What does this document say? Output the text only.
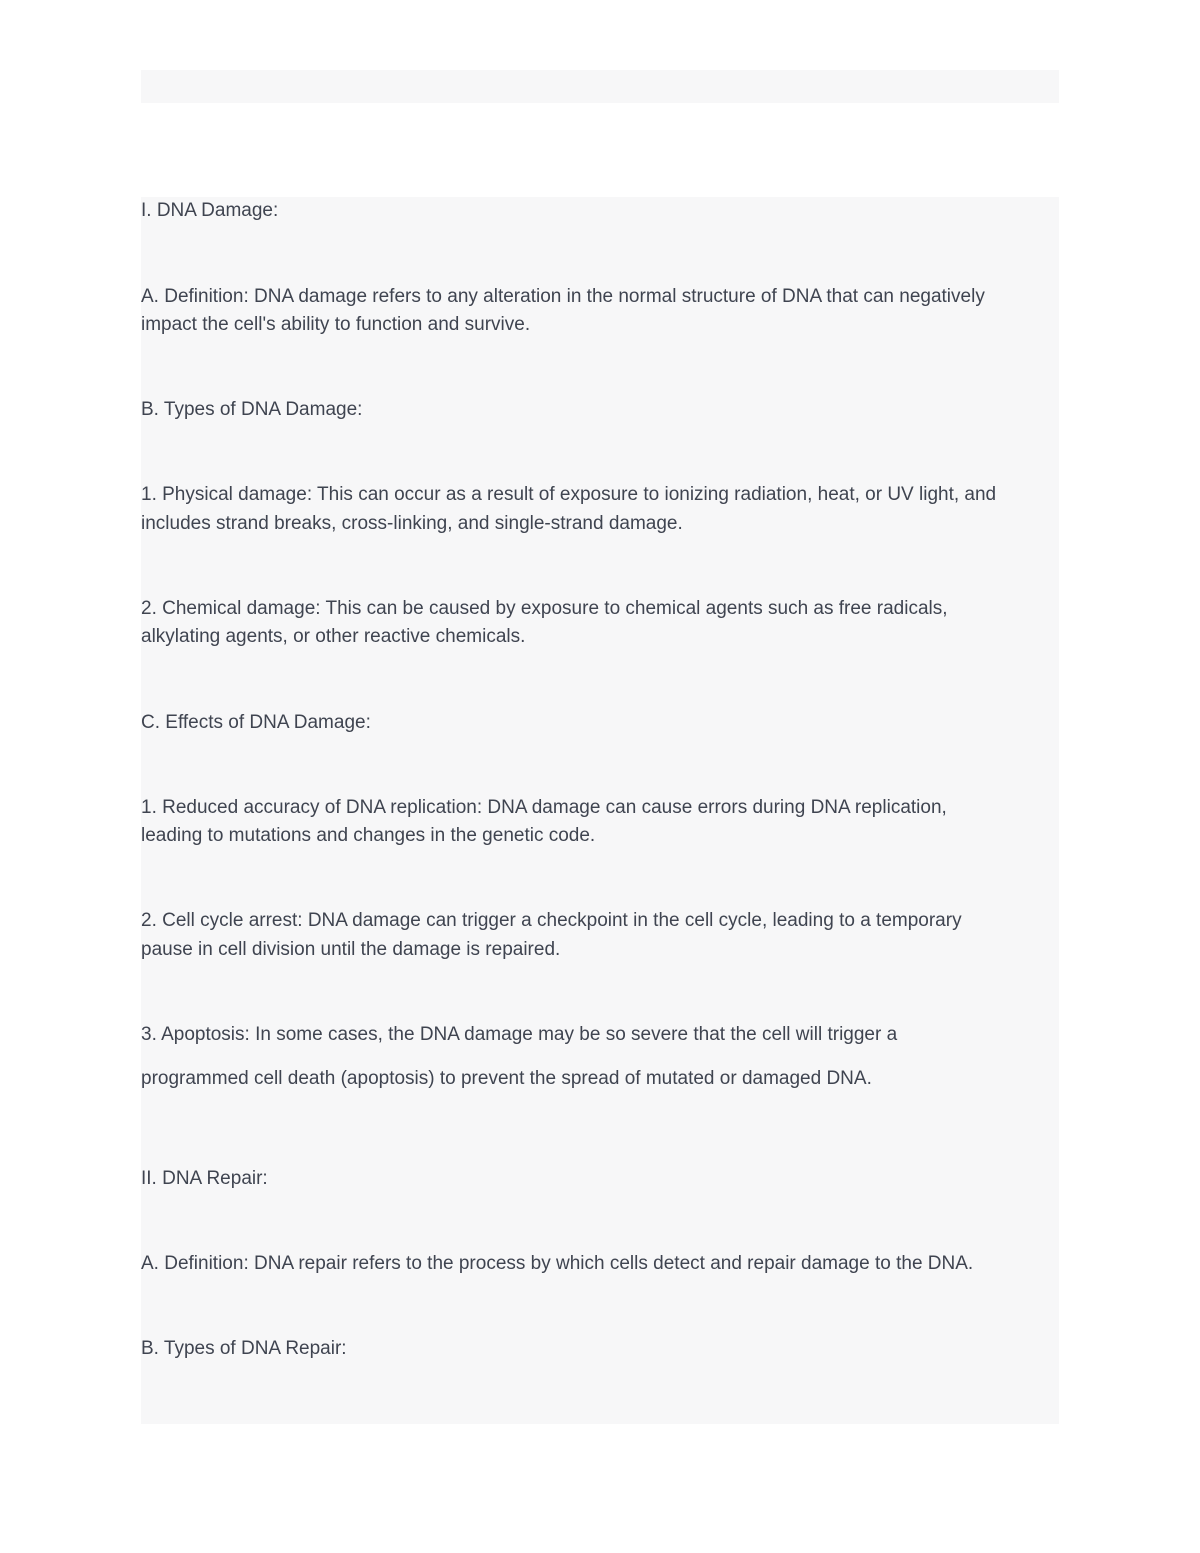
I. DNA Damage:

A. Definition: DNA damage refers to any alteration in the normal structure of DNA that can negatively

impact the cell's ability to function and survive.

B. Types of DNA Damage:

1. Physical damage: This can occur as a result of exposure to ionizing radiation, heat, or UV light, and

includes strand breaks, cross-linking, and single-strand damage.

2. Chemical damage: This can be caused by exposure to chemical agents such as free radicals,

alkylating agents, or other reactive chemicals.

C. Effects of DNA Damage:

1. Reduced accuracy of DNA replication: DNA damage can cause errors during DNA replication,

leading to mutations and changes in the genetic code.

2. Cell cycle arrest: DNA damage can trigger a checkpoint in the cell cycle, leading to a temporary

pause in cell division until the damage is repaired.

3. Apoptosis: In some cases, the DNA damage may be so severe that the cell will trigger a

programmed cell death (apoptosis) to prevent the spread of mutated or damaged DNA.

II. DNA Repair:

A. Definition: DNA repair refers to the process by which cells detect and repair damage to the DNA.

B. Types of DNA Repair:
